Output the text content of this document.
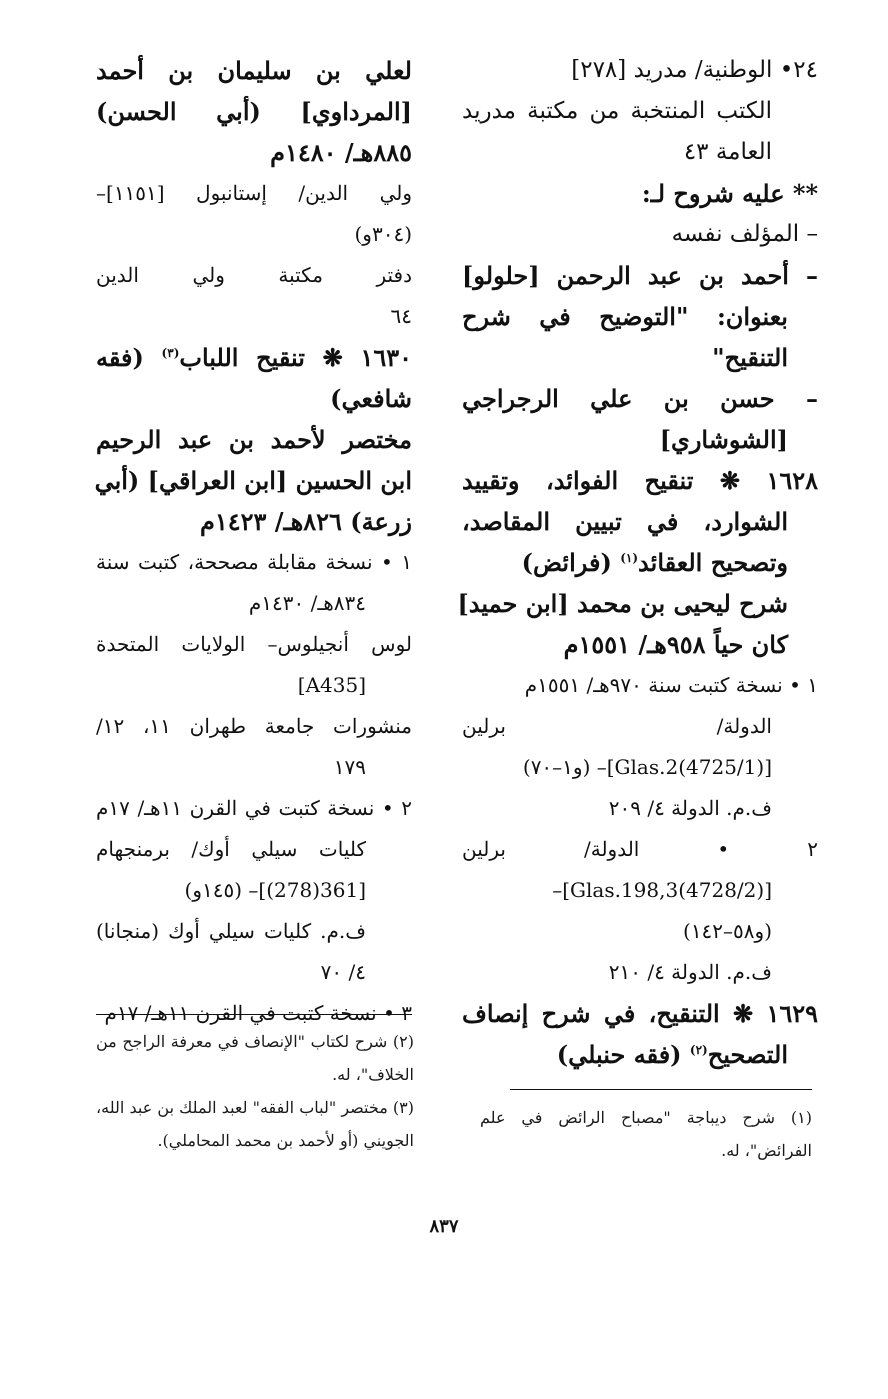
٢٤• الوطنية/ مدريد [٢٧٨]

الكتب المنتخبة من مكتبة مدريد

العامة ٤٣

** عليه شروح لـ:

– المؤلف نفسه

– أحمد بن عبد الرحمن [حلولو]

بعنوان: "التوضيح في شرح

التنقيح"

– حسن بن علي الرجراجي

[الشوشاري]

١٦٢٨ ❋ تنقيح الفوائد، وتقييد

الشوارد، في تبيين المقاصد،

وتصحيح العقائد$^{(١)}$ (فرائض)

شرح ليحيى بن محمد [ابن حميد]

كان حياً ٩٥٨هـ/ ١٥٥١م

١ • نسخة كتبت سنة ٩٧٠هـ/ ١٥٥١م

الدولة/ برلين

[(4725/1)Glas.2]– (و١–٧٠)

ف.م. الدولة ٤/ ٢٠٩

٢ • الدولة/ برلين

[(4728/2)Glas.198,3]–

(و٥٨–١٤٢)

ف.م. الدولة ٤/ ٢١٠

١٦٢٩ ❋ التنقيح، في شرح إنصاف

التصحيح$^{(٢)}$ (فقه حنبلي)

لعلي بن سليمان بن أحمد

[المرداوي] (أبي الحسن)

٨٨٥هـ/ ١٤٨٠م

ولي الدين/ إستانبول [١١٥١]–

(٣٠٤و)

دفتر مكتبة ولي الدين

٦٤

١٦٣٠ ❋ تنقيح اللباب$^{(٣)}$ (فقه

شافعي)

مختصر لأحمد بن عبد الرحيم

ابن الحسين [ابن العراقي] (أبي

زرعة) ٨٢٦هـ/ ١٤٢٣م

١ • نسخة مقابلة مصححة، كتبت سنة

٨٣٤هـ/ ١٤٣٠م

لوس أنجيلوس– الولايات المتحدة

[A435]

منشورات جامعة طهران ١١، ١٢/

١٧٩

٢ • نسخة كتبت في القرن ١١هـ/ ١٧م

كليات سيلي أوك/ برمنجهام

[361(278)]– (١٤٥و)

ف.م. كليات سيلي أوك (منجانا)

٤/ ٧٠

٣ • نسخة كتبت في القرن ١١هـ/ ١٧م

(٢) شرح لكتاب "الإنصاف في معرفة الراجح من

الخلاف"، له.

(٣) مختصر "لباب الفقه" لعبد الملك بن عبد الله،

الجويني (أو لأحمد بن محمد المحاملي).

(١) شرح ديباجة "مصباح الرائض في علم

الفرائض"، له.

٨٣٧
